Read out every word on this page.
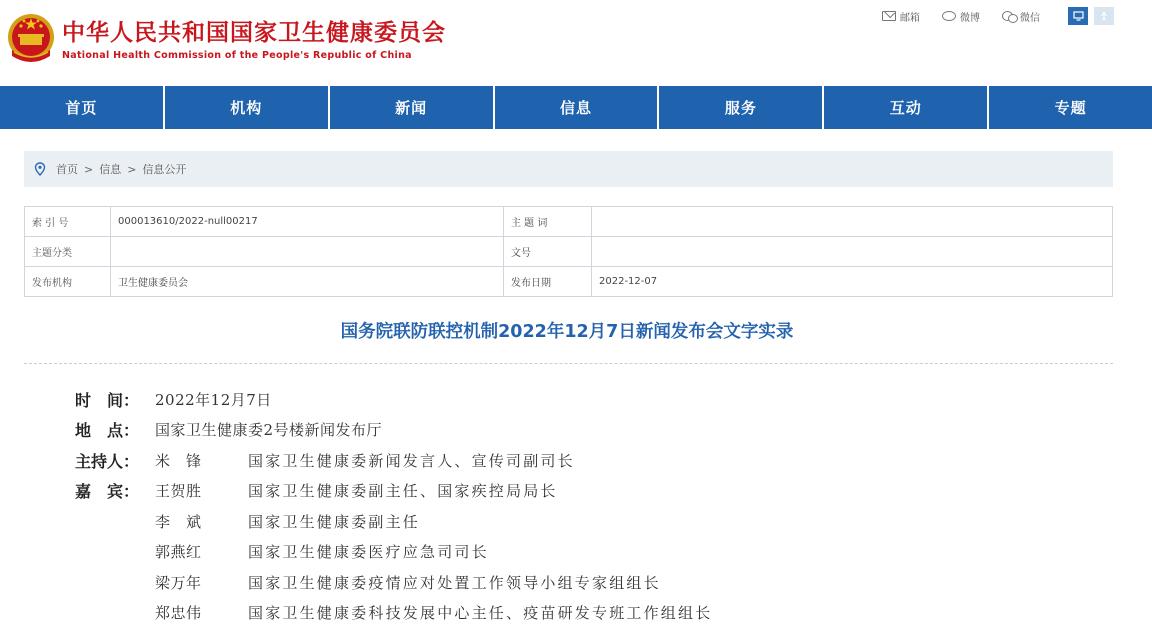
中华人民共和国国家卫生健康委员会
National Health Commission of the People's Republic of China
邮箱	微博	微信
首页	机构	新闻	信息	服务	互动	专题
首页 > 信息 > 信息公开
索 引 号	000013610/2022-null00217	主 题 词	
主题分类		文号	
发布机构	卫生健康委员会	发布日期	2022-12-07
国务院联防联控机制2022年12月7日新闻发布会文字实录
时　间：	2022年12月7日
地　点：	国家卫生健康委2号楼新闻发布厅
主持人：	米　锋	国家卫生健康委新闻发言人、宣传司副司长
嘉　宾：	王贺胜	国家卫生健康委副主任、国家疾控局局长
李　斌	国家卫生健康委副主任
郭燕红	国家卫生健康委医疗应急司司长
梁万年	国家卫生健康委疫情应对处置工作领导小组专家组组长
郑忠伟	国家卫生健康委科技发展中心主任、疫苗研发专班工作组组长
